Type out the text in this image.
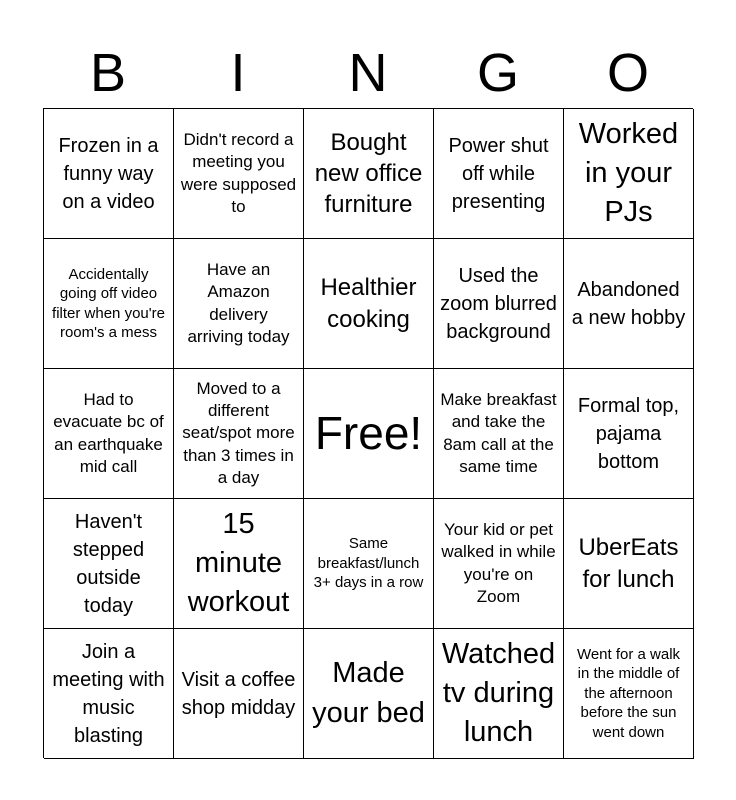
B	I	N	G	O
Frozen in a funny way on a video
Didn't record a meeting you were supposed to
Bought new office furniture
Power shut off while presenting
Worked in your PJs
Accidentally going off video filter when you're room's a mess
Have an Amazon delivery arriving today
Healthier cooking
Used the zoom blurred background
Abandoned a new hobby
Had to evacuate bc of an earthquake mid call
Moved to a different seat/spot more than 3 times in a day
Free!
Make breakfast and take the 8am call at the same time
Formal top, pajama bottom
Haven't stepped outside today
15 minute workout
Same breakfast/lunch 3+ days in a row
Your kid or pet walked in while you're on Zoom
UberEats for lunch
Join a meeting with music blasting
Visit a coffee shop midday
Made your bed
Watched tv during lunch
Went for a walk in the middle of the afternoon before the sun went down
